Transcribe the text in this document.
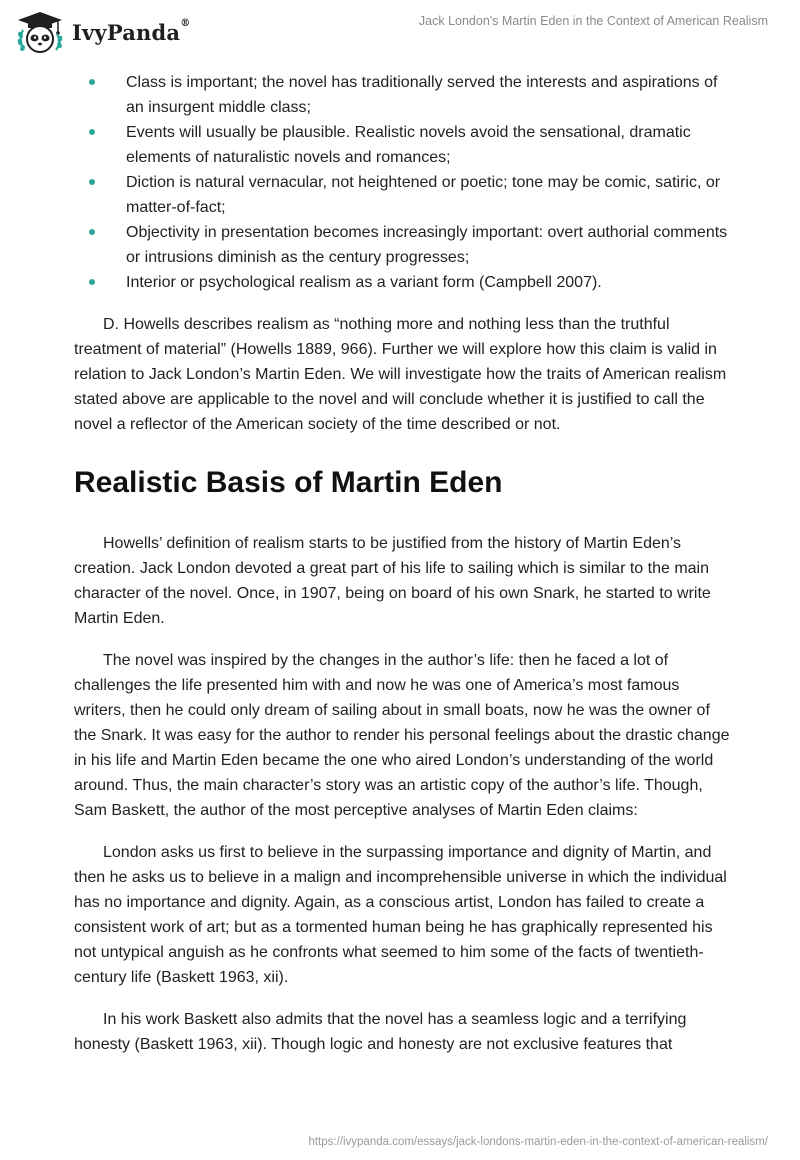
IvyPanda®	Jack London's Martin Eden in the Context of American Realism
Class is important; the novel has traditionally served the interests and aspirations of an insurgent middle class;
Events will usually be plausible. Realistic novels avoid the sensational, dramatic elements of naturalistic novels and romances;
Diction is natural vernacular, not heightened or poetic; tone may be comic, satiric, or matter-of-fact;
Objectivity in presentation becomes increasingly important: overt authorial comments or intrusions diminish as the century progresses;
Interior or psychological realism as a variant form (Campbell 2007).

D. Howells describes realism as “nothing more and nothing less than the truthful treatment of material” (Howells 1889, 966). Further we will explore how this claim is valid in relation to Jack London’s Martin Eden. We will investigate how the traits of American realism stated above are applicable to the novel and will conclude whether it is justified to call the novel a reflector of the American society of the time described or not.

Realistic Basis of Martin Eden

Howells’ definition of realism starts to be justified from the history of Martin Eden’s creation. Jack London devoted a great part of his life to sailing which is similar to the main character of the novel. Once, in 1907, being on board of his own Snark, he started to write Martin Eden.

The novel was inspired by the changes in the author’s life: then he faced a lot of challenges the life presented him with and now he was one of America’s most famous writers, then he could only dream of sailing about in small boats, now he was the owner of the Snark. It was easy for the author to render his personal feelings about the drastic change in his life and Martin Eden became the one who aired London’s understanding of the world around. Thus, the main character’s story was an artistic copy of the author’s life. Though, Sam Baskett, the author of the most perceptive analyses of Martin Eden claims:

London asks us first to believe in the surpassing importance and dignity of Martin, and then he asks us to believe in a malign and incomprehensible universe in which the individual has no importance and dignity. Again, as a conscious artist, London has failed to create a consistent work of art; but as a tormented human being he has graphically represented his not untypical anguish as he confronts what seemed to him some of the facts of twentieth-century life (Baskett 1963, xii).

In his work Baskett also admits that the novel has a seamless logic and a terrifying honesty (Baskett 1963, xii). Though logic and honesty are not exclusive features that

https://ivypanda.com/essays/jack-londons-martin-eden-in-the-context-of-american-realism/
